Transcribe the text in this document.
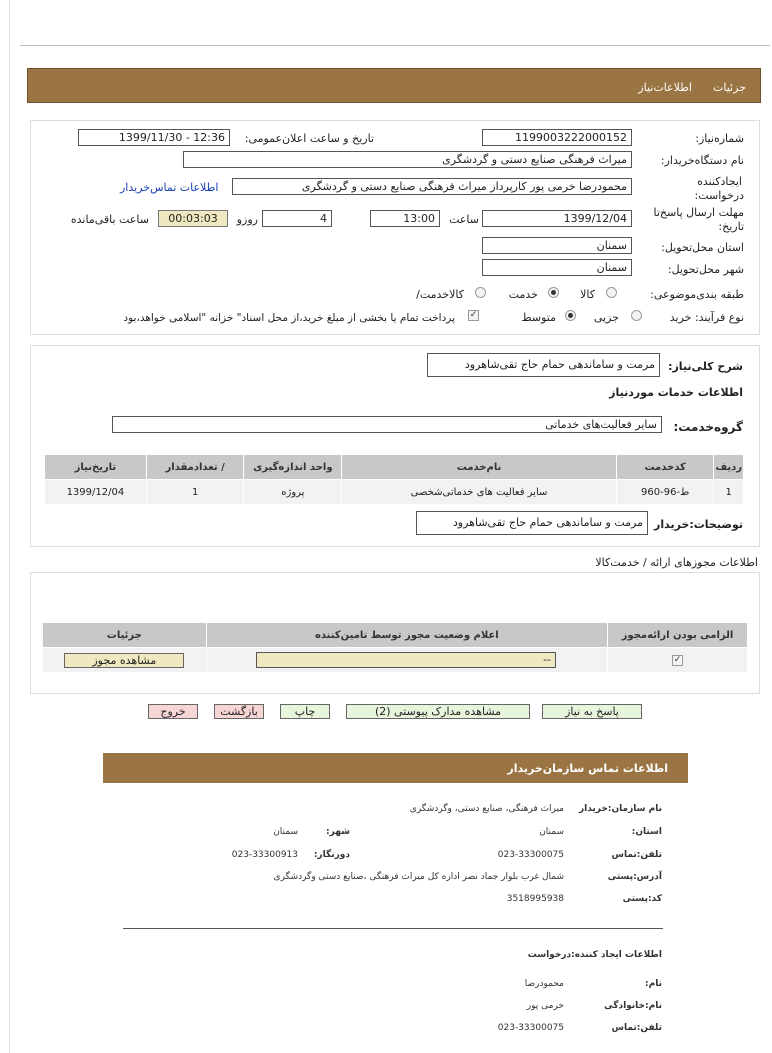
جزئیات
اطلاعات‌نیاز
شماره‌نیاز:
1199003222000152
تاریخ و ساعت اعلان‌عمومی:
1399/11/30 - 12:36
نام دستگاه‌خریدار:
میراث فرهنگی صنایع دستی و گردشگری
ایجادکننده
درخواست:
محمودرضا خرمی پور کارپرداز میراث فرهنگی صنایع دستی و گردشگری
اطلاعات تماس‌خریدار
مهلت ارسال پاسخ‌تا
تاریخ:
1399/12/04
ساعت
13:00
4
روزو
00:03:03
ساعت باقی‌مانده
استان محل‌تحویل:
سمنان
شهر محل‌تحویل:
سمنان
طبقه بندی‌موضوعی:
کالا
خدمت
کالاخدمت/
نوع فرآیند: خرید
جزیی
متوسط
✓
پرداخت تمام یا بخشی از مبلغ خرید،از محل اسناد" خزانه "اسلامی خواهد،بود
شرح کلی‌نیاز:
مرمت و ساماندهی حمام حاج تقی‌شاهرود
اطلاعات خدمات موردنیاز
گروه‌خدمت:
سایر فعالیت‌های خدماتی
ردیف	کدخدمت	نام‌خدمت	واحد اندازه‌گیری	/ تعدادمقدار	تاریخ‌نیاز
1	ط-96-960	سایر فعالیت های خدماتی‌شخصی	پروژه	1	1399/12/04
توضیحات:خریدار
مرمت و ساماندهی حمام حاج تقی‌شاهرود
اطلاعات مجوزهای ارائه / خدمت‌کالا
الزامی بودن ارائه‌مجوز	اعلام وضعیت مجوز توسط تامین‌کننده	جزئیات
✓	--	مشاهده مجوز
پاسخ به نیاز
مشاهده مدارک پیوستی (2)
چاپ
بازگشت
خروج
اطلاعات تماس سازمان‌خریدار
نام سازمان:خریدار
میراث فرهنگی، صنایع دستی، وگردشگری
استان:
سمنان
شهر:
سمنان
تلفن:تماس
023-33300075
دورنگار:
023-33300913
آدرس:پستی
شمال غرب بلوار جماد نصر اداره کل میراث فرهنگی ،صنایع دستی وگردشگری
کد:پستی
3518995938
اطلاعات ایجاد کننده:درخواست
نام:
محمودرضا
نام:خانوادگی
خرمی پور
تلفن:تماس
023-33300075
